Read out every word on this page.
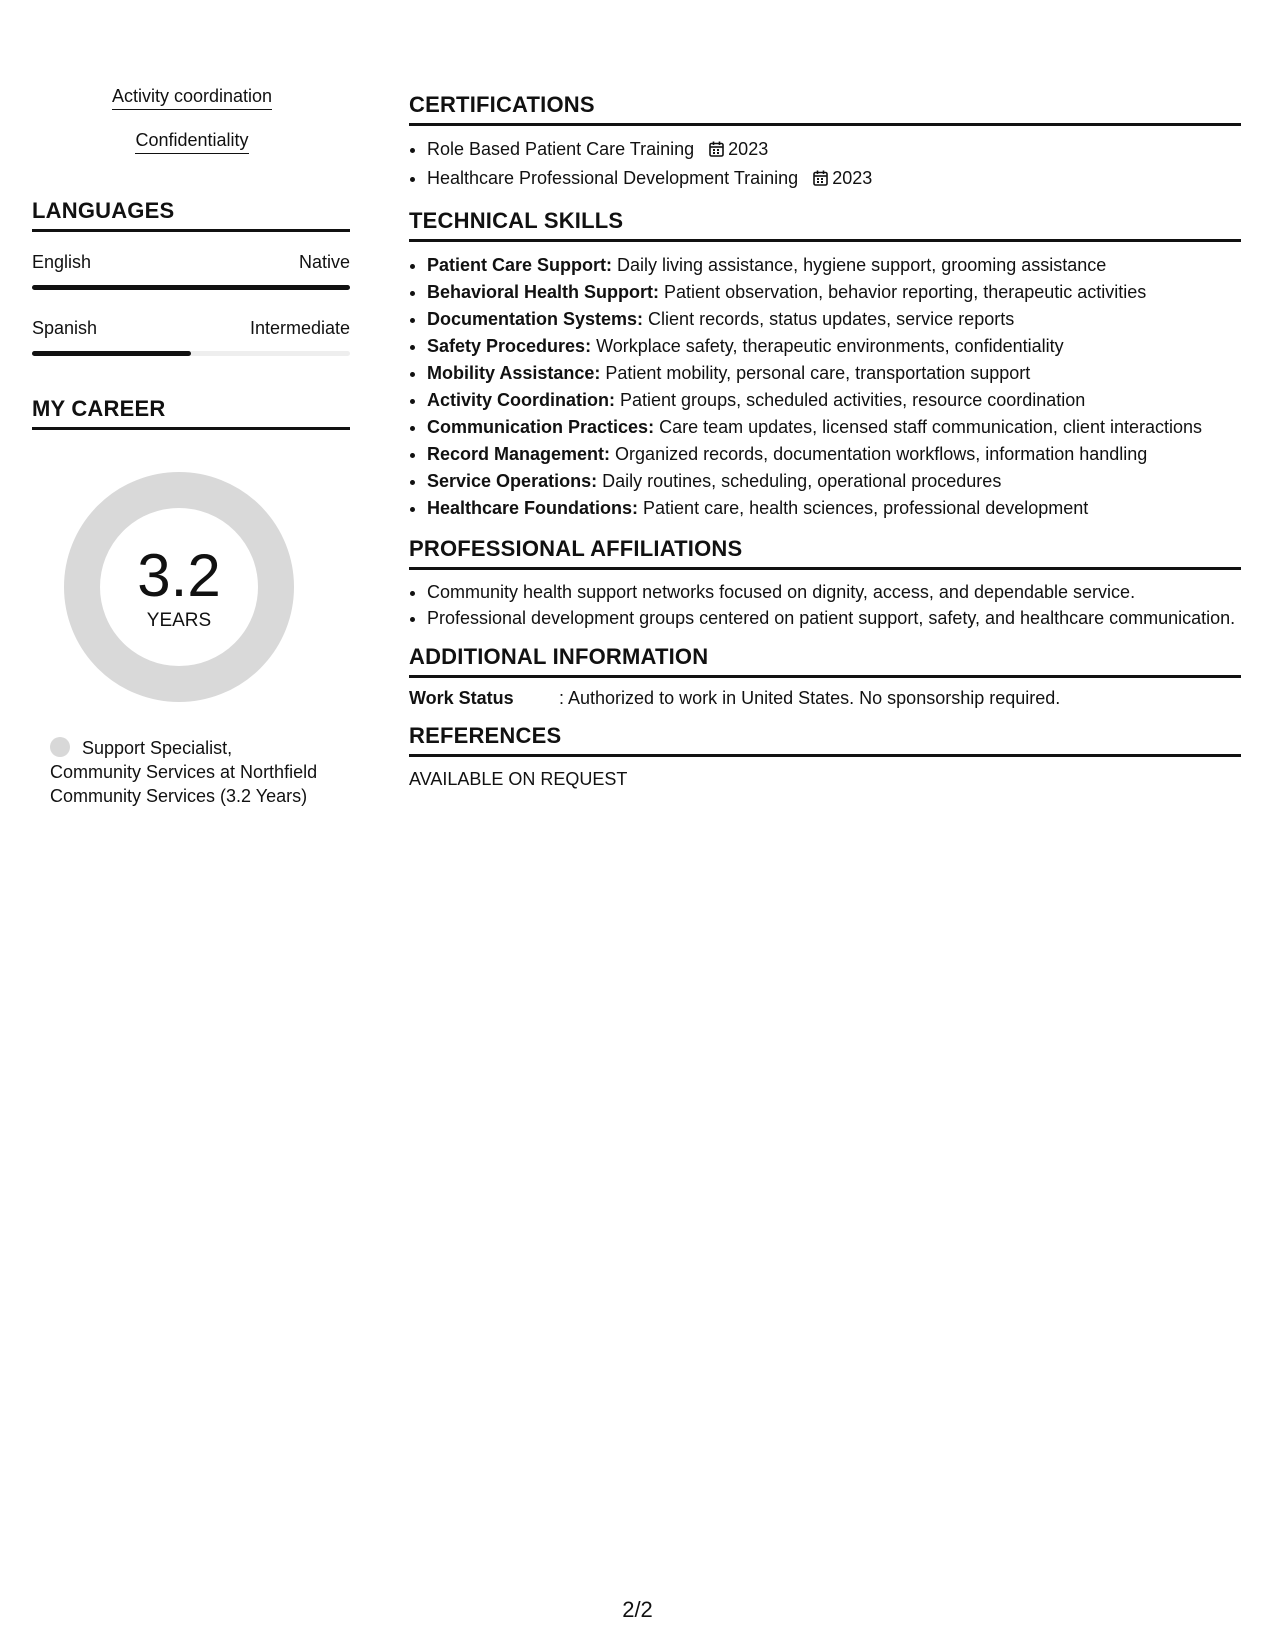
Activity coordination
Confidentiality
LANGUAGES
English	Native
Spanish	Intermediate
MY CAREER
3.2
YEARS
Support Specialist, Community Services at Northfield Community Services (3.2 Years)
CERTIFICATIONS
• Role Based Patient Care Training 2023
• Healthcare Professional Development Training 2023
TECHNICAL SKILLS
• Patient Care Support: Daily living assistance, hygiene support, grooming assistance
• Behavioral Health Support: Patient observation, behavior reporting, therapeutic activities
• Documentation Systems: Client records, status updates, service reports
• Safety Procedures: Workplace safety, therapeutic environments, confidentiality
• Mobility Assistance: Patient mobility, personal care, transportation support
• Activity Coordination: Patient groups, scheduled activities, resource coordination
• Communication Practices: Care team updates, licensed staff communication, client interactions
• Record Management: Organized records, documentation workflows, information handling
• Service Operations: Daily routines, scheduling, operational procedures
• Healthcare Foundations: Patient care, health sciences, professional development
PROFESSIONAL AFFILIATIONS
• Community health support networks focused on dignity, access, and dependable service.
• Professional development groups centered on patient support, safety, and healthcare communication.
ADDITIONAL INFORMATION
Work Status	: Authorized to work in United States. No sponsorship required.
REFERENCES
AVAILABLE ON REQUEST
2/2
